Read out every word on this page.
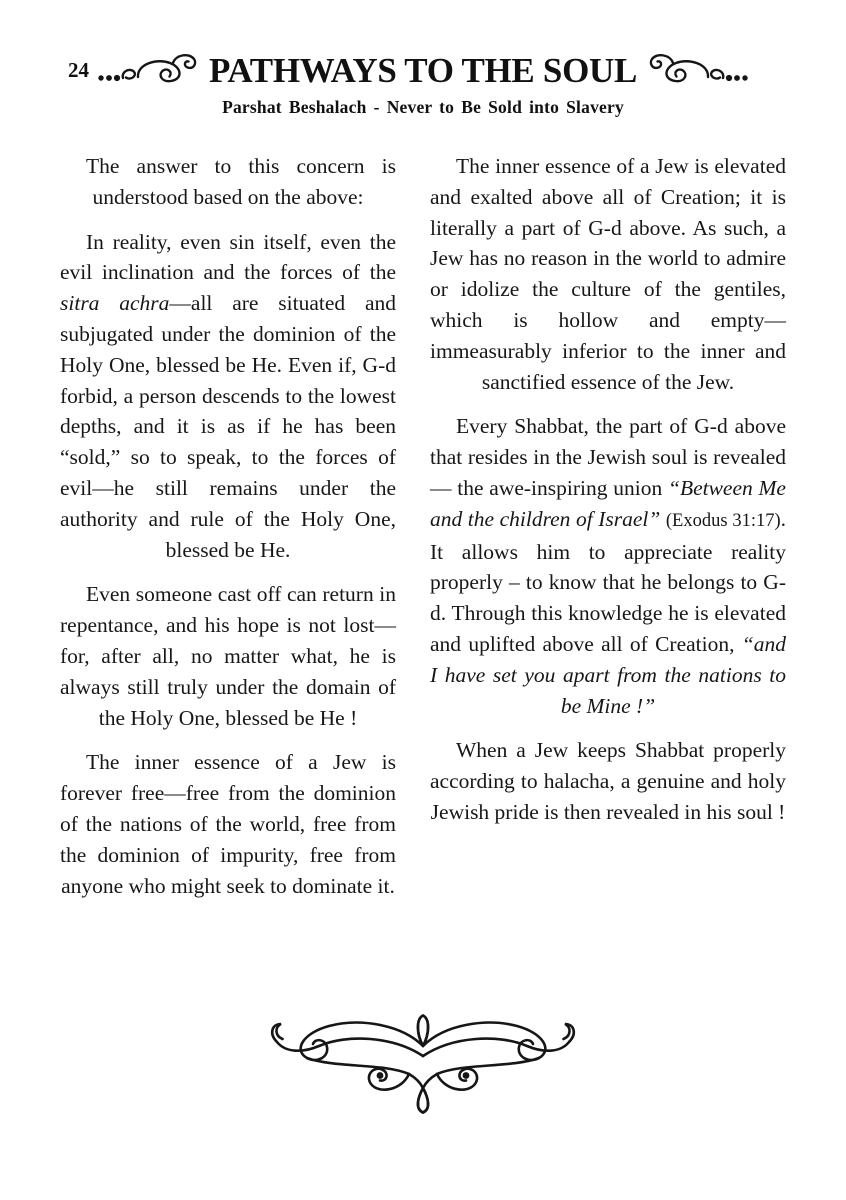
24	PATHWAYS TO THE SOUL
Parshat Beshalach - Never to Be Sold into Slavery

The answer to this concern is understood based on the above:

In reality, even sin itself, even the evil inclination and the forces of the sitra achra—all are situated and subjugated under the dominion of the Holy One, blessed be He. Even if, G-d forbid, a person descends to the lowest depths, and it is as if he has been “sold,” so to speak, to the forces of evil—he still remains under the authority and rule of the Holy One, blessed be He.

Even someone cast off can return in repentance, and his hope is not lost—for, after all, no matter what, he is always still truly under the domain of the Holy One, blessed be He !

The inner essence of a Jew is forever free—free from the dominion of the nations of the world, free from the dominion of impurity, free from anyone who might seek to dominate it.

The inner essence of a Jew is elevated and exalted above all of Creation; it is literally a part of G-d above. As such, a Jew has no reason in the world to admire or idolize the culture of the gentiles, which is hollow and empty—immeasurably inferior to the inner and sanctified essence of the Jew.

Every Shabbat, the part of G-d above that resides in the Jewish soul is revealed — the awe-inspiring union “Between Me and the children of Israel” (Exodus 31:17). It allows him to appreciate reality properly – to know that he belongs to G-d. Through this knowledge he is elevated and uplifted above all of Creation, “and I have set you apart from the nations to be Mine !”

When a Jew keeps Shabbat properly according to halacha, a genuine and holy Jewish pride is then revealed in his soul !
